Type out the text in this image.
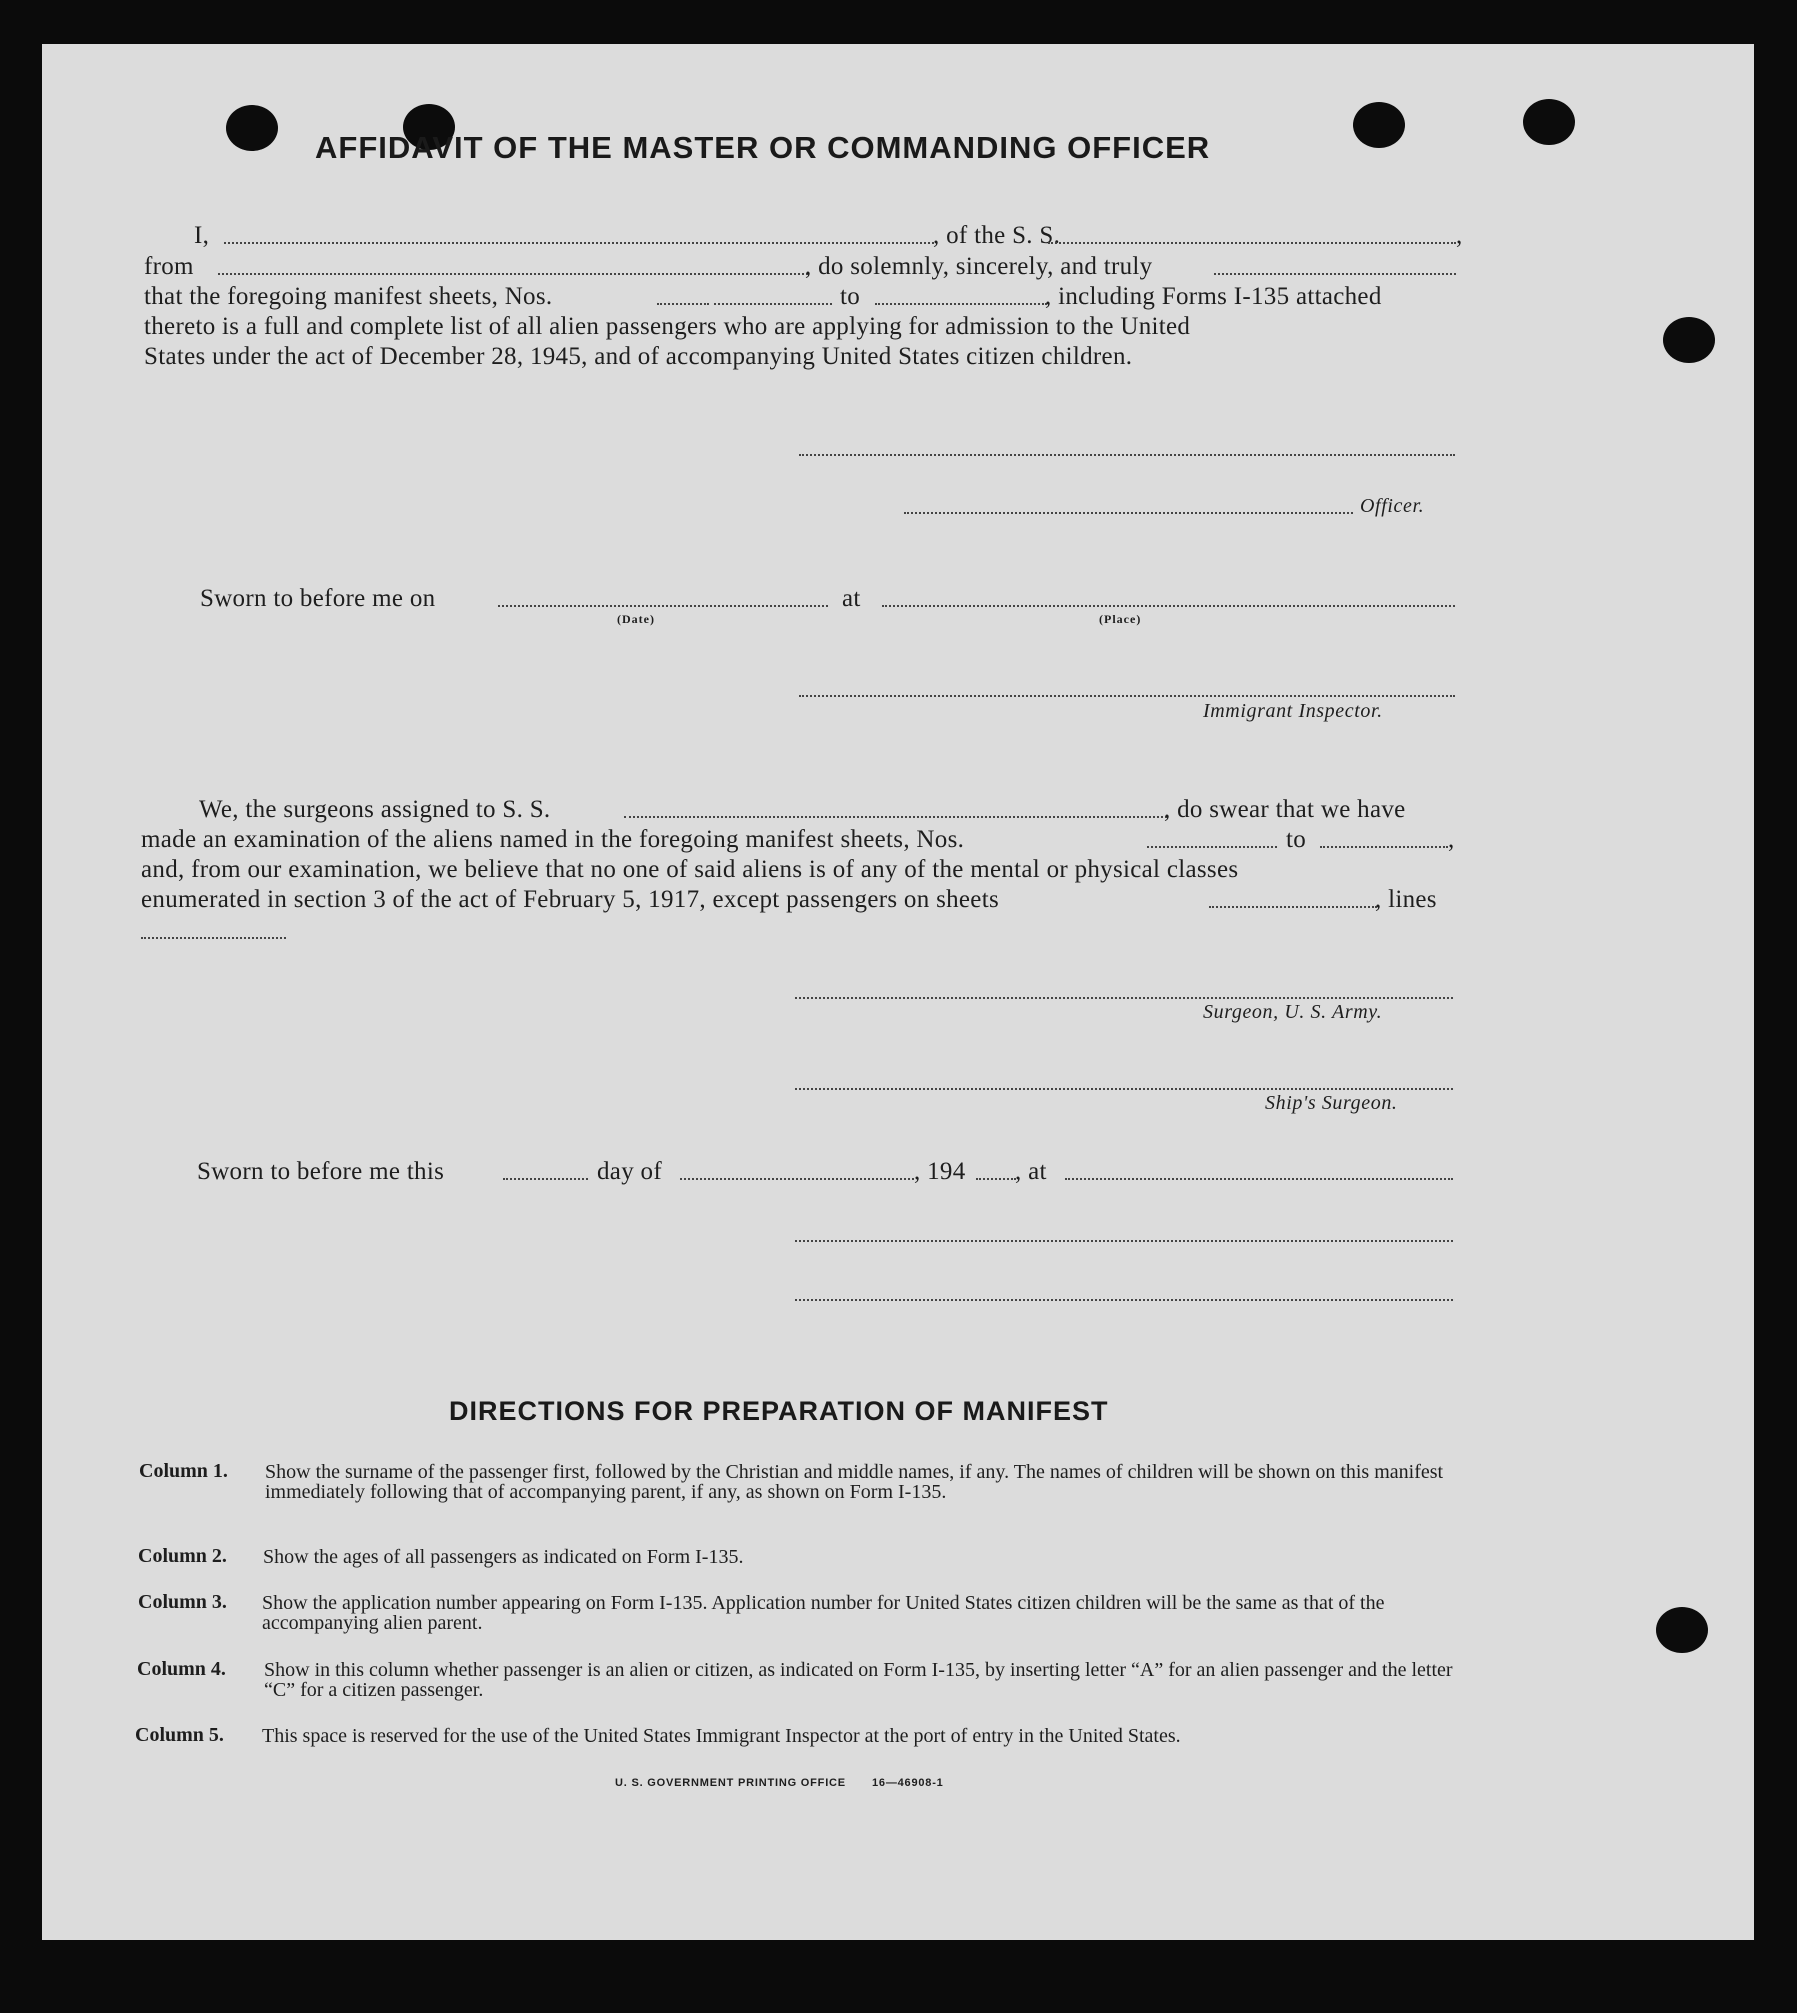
AFFIDAVIT OF THE MASTER OR COMMANDING OFFICER
I,	, of the S. S.	,
from	, do solemnly, sincerely, and truly
that the foregoing manifest sheets, Nos.	to	, including Forms I-135 attached
thereto is a full and complete list of all alien passengers who are applying for admission to the United
States under the act of December 28, 1945, and of accompanying United States citizen children.
Officer.
Sworn to before me on	at
(Date)	(Place)
Immigrant Inspector.
We, the surgeons assigned to S. S.	, do swear that we have
made an examination of the aliens named in the foregoing manifest sheets, Nos.	to	,
and, from our examination, we believe that no one of said aliens is of any of the mental or physical classes
enumerated in section 3 of the act of February 5, 1917, except passengers on sheets	, lines
Surgeon, U. S. Army.
Ship's Surgeon.
Sworn to before me this	day of	, 194 , at
DIRECTIONS FOR PREPARATION OF MANIFEST
Column 1. Show the surname of the passenger first, followed by the Christian and middle names, if any. The names of children will be shown on this manifest immediately following that of accompanying parent, if any, as shown on Form I-135.
Column 2. Show the ages of all passengers as indicated on Form I-135.
Column 3. Show the application number appearing on Form I-135. Application number for United States citizen children will be the same as that of the accompanying alien parent.
Column 4. Show in this column whether passenger is an alien or citizen, as indicated on Form I-135, by inserting letter “A” for an alien passenger and the letter “C” for a citizen passenger.
Column 5. This space is reserved for the use of the United States Immigrant Inspector at the port of entry in the United States.
U. S. GOVERNMENT PRINTING OFFICE 16—46908-1
